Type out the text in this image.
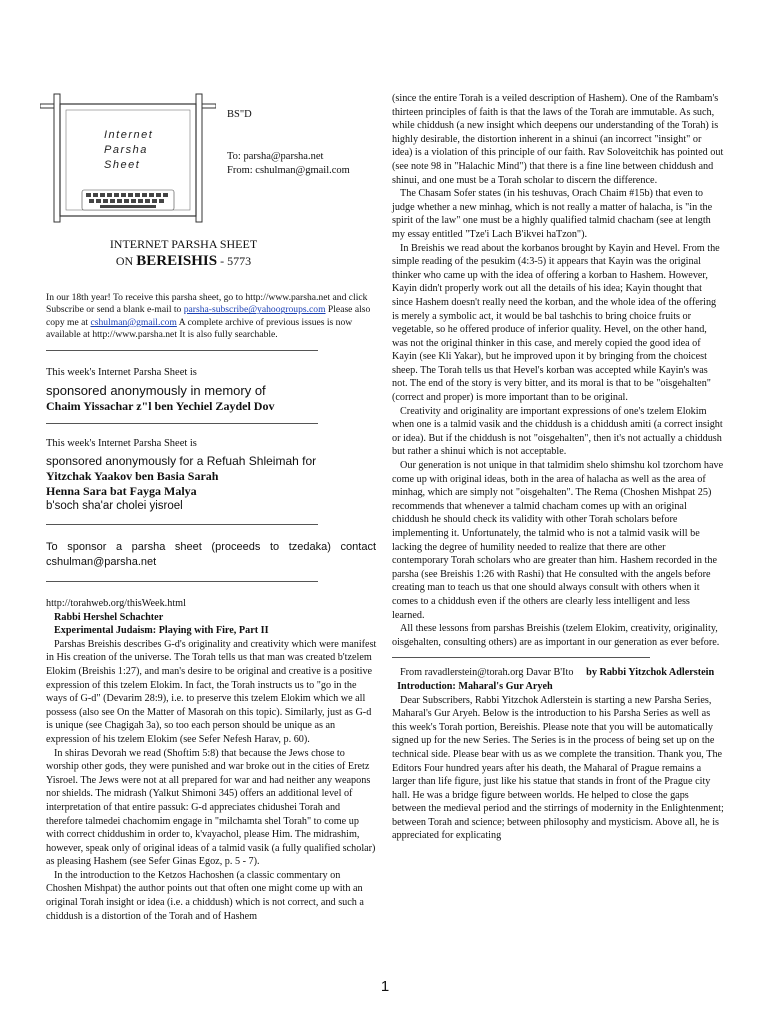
Internet
Parsha
Sheet
BS"D
To: parsha@parsha.net
From: cshulman@gmail.com
INTERNET PARSHA SHEET
ON BEREISHIS - 5773
In our 18th year! To receive this parsha sheet, go to http://www.parsha.net and click Subscribe or send a blank e-mail to parsha-subscribe@yahoogroups.com Please also copy me at cshulman@gmail.com A complete archive of previous issues is now available at http://www.parsha.net It is also fully searchable.
This week's Internet Parsha Sheet is
sponsored anonymously in memory of
Chaim Yissachar z"l ben Yechiel Zaydel Dov
This week's Internet Parsha Sheet is
sponsored anonymously for a Refuah Shleimah for
Yitzchak Yaakov ben Basia Sarah
Henna Sara bat Fayga Malya
b'soch sha'ar cholei yisroel
To sponsor a parsha sheet (proceeds to tzedaka) contact cshulman@parsha.net
http://torahweb.org/thisWeek.html
Rabbi Hershel Schachter
Experimental Judaism: Playing with Fire, Part II

Parshas Breishis describes G-d's originality and creativity which were manifest in His creation of the universe. The Torah tells us that man was created b'tzelem Elokim (Breishis 1:27), and man's desire to be original and creative is a positive expression of this tzelem Elokim. In fact, the Torah instructs us to "go in the ways of G-d" (Devarim 28:9), i.e. to preserve this tzelem Elokim which we all possess (also see On the Matter of Masorah on this topic). Similarly, just as G-d is unique (see Chagigah 3a), so too each person should be unique as an expression of his tzelem Elokim (see Sefer Nefesh Harav, p. 60).

In shiras Devorah we read (Shoftim 5:8) that because the Jews chose to worship other gods, they were punished and war broke out in the cities of Eretz Yisroel. The Jews were not at all prepared for war and had neither any weapons nor shields. The midrash (Yalkut Shimoni 345) offers an additional level of interpretation of that entire passuk: G-d appreciates chidushei Torah and therefore talmedei chachomim engage in "milchamta shel Torah" to come up with correct chiddushim in order to, k'vayachol, please Him. The midrashim, however, speak only of original ideas of a talmid vasik (a fully qualified scholar) as pleasing Hashem (see Sefer Ginas Egoz, p. 5 - 7).

In the introduction to the Ketzos Hachoshen (a classic commentary on Choshen Mishpat) the author points out that often one might come up with an original Torah insight or idea (i.e. a chiddush) which is not correct, and such a chiddush is a distortion of the Torah and of Hashem

(since the entire Torah is a veiled description of Hashem). One of the Rambam's thirteen principles of faith is that the laws of the Torah are immutable. As such, while chiddush (a new insight which deepens our understanding of the Torah) is highly desirable, the distortion inherent in a shinui (an incorrect "insight" or idea) is a violation of this principle of our faith. Rav Soloveitchik has pointed out (see note 98 in "Halachic Mind") that there is a fine line between chiddush and shinui, and one must be a Torah scholar to discern the difference.

The Chasam Sofer states (in his teshuvas, Orach Chaim #15b) that even to judge whether a new minhag, which is not really a matter of halacha, is "in the spirit of the law" one must be a highly qualified talmid chacham (see at length my essay entitled "Tze'i Lach B'ikvei haTzon").

In Breishis we read about the korbanos brought by Kayin and Hevel. From the simple reading of the pesukim (4:3-5) it appears that Kayin was the original thinker who came up with the idea of offering a korban to Hashem. However, Kayin didn't properly work out all the details of his idea; Kayin thought that since Hashem doesn't really need the korban, and the whole idea of the offering is merely a symbolic act, it would be bal tashchis to bring choice fruits or vegetable, so he offered produce of inferior quality. Hevel, on the other hand, was not the original thinker in this case, and merely copied the good idea of Kayin (see Kli Yakar), but he improved upon it by bringing from the choicest sheep. The Torah tells us that Hevel's korban was accepted while Kayin's was not. The end of the story is very bitter, and its moral is that to be "oisgehalten" (correct and proper) is more important than to be original.

Creativity and originality are important expressions of one's tzelem Elokim when one is a talmid vasik and the chiddush is a chiddush amiti (a correct insight or idea). But if the chiddush is not "oisgehalten", then it's not actually a chiddush but rather a shinui which is not acceptable.

Our generation is not unique in that talmidim shelo shimshu kol tzorchom have come up with original ideas, both in the area of halacha as well as the area of minhag, which are simply not "oisgehalten". The Rema (Choshen Mishpat 25) recommends that whenever a talmid chacham comes up with an original chiddush he should check its validity with other Torah scholars before implementing it. Unfortunately, the talmid who is not a talmid vasik will be lacking the degree of humility needed to realize that there are other contemporary Torah scholars who are greater than him. Hashem recorded in the parsha (see Breishis 1:26 with Rashi) that He consulted with the angels before creating man to teach us that one should always consult with others when it comes to a chiddush even if the others are clearly less intelligent and less learned.

All these lessons from parshas Breishis (tzelem Elokim, creativity, originality, oisgehalten, consulting others) are as important in our generation as ever before.

From ravadlerstein@torah.org Davar B'Ito by Rabbi Yitzchok Adlerstein   Introduction: Maharal's Gur Aryeh

Dear Subscribers, Rabbi Yitzchok Adlerstein is starting a new Parsha Series, Maharal's Gur Aryeh. Below is the introduction to his Parsha Series as well as this week's Torah portion, Bereishis. Please note that you will be automatically signed up for the new Series. The Series is in the process of being set up on the technical side. Please bear with us as we complete the transition. Thank you, The Editors Four hundred years after his death, the Maharal of Prague remains a larger than life figure, just like his statue that stands in front of the Prague city hall. He was a bridge figure between worlds. He helped to close the gaps between the medieval period and the stirrings of modernity in the Enlightenment; between Torah and science; between philosophy and mysticism. Above all, he is appreciated for explicating

1
